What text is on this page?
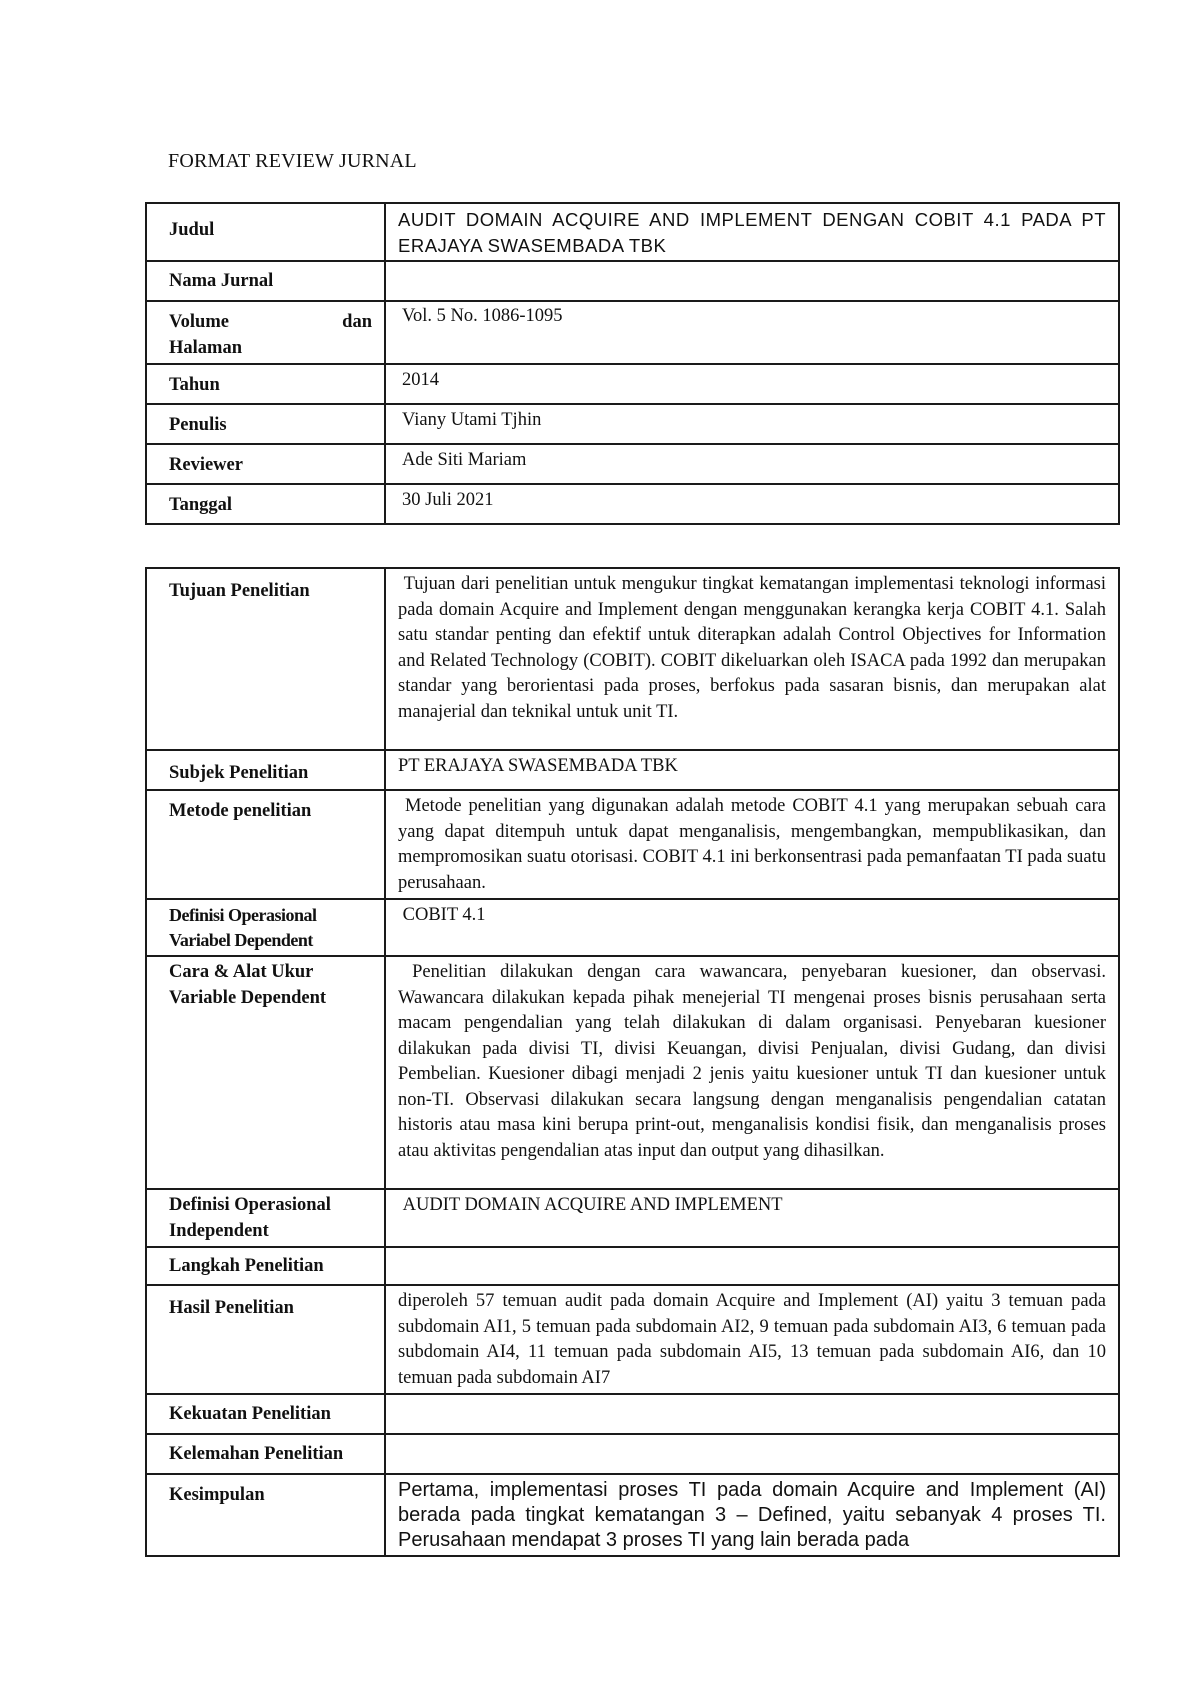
FORMAT REVIEW JURNAL
Judul	AUDIT DOMAIN ACQUIRE AND IMPLEMENT DENGAN COBIT 4.1 PADA PT ERAJAYA SWASEMBADA TBK
Nama Jurnal	

Volume dan
Halaman	Vol. 5 No. 1086-1095
Tahun	2014
Penulis	Viany Utami Tjhin
Reviewer	Ade Siti Mariam
Tanggal	30 Juli 2021
Tujuan Penelitian	Tujuan dari penelitian untuk mengukur tingkat kematangan implementasi teknologi informasi pada domain Acquire and Implement dengan menggunakan kerangka kerja COBIT 4.1. Salah satu standar penting dan efektif untuk diterapkan adalah Control Objectives for Information and Related Technology (COBIT). COBIT dikeluarkan oleh ISACA pada 1992 dan merupakan standar yang berorientasi pada proses, berfokus pada sasaran bisnis, dan merupakan alat manajerial dan teknikal untuk unit TI.
Subjek Penelitian	PT ERAJAYA SWASEMBADA TBK
Metode penelitian	Metode penelitian yang digunakan adalah metode COBIT 4.1 yang merupakan sebuah cara yang dapat ditempuh untuk dapat menganalisis, mengembangkan, mempublikasikan, dan mempromosikan suatu otorisasi. COBIT 4.1 ini berkonsentrasi pada pemanfaatan TI pada suatu perusahaan.

Definisi Operasional
Variabel Dependent	COBIT 4.1

Cara & Alat Ukur
Variable Dependent	Penelitian dilakukan dengan cara wawancara, penyebaran kuesioner, dan observasi. Wawancara dilakukan kepada pihak menejerial TI mengenai proses bisnis perusahaan serta macam pengendalian yang telah dilakukan di dalam organisasi. Penyebaran kuesioner dilakukan pada divisi TI, divisi Keuangan, divisi Penjualan, divisi Gudang, dan divisi Pembelian. Kuesioner dibagi menjadi 2 jenis yaitu kuesioner untuk TI dan kuesioner untuk non-TI. Observasi dilakukan secara langsung dengan menganalisis pengendalian catatan historis atau masa kini berupa print-out, menganalisis kondisi fisik, dan menganalisis proses atau aktivitas pengendalian atas input dan output yang dihasilkan.

Definisi Operasional
Independent	AUDIT DOMAIN ACQUIRE AND IMPLEMENT
Langkah Penelitian	
Hasil Penelitian	diperoleh 57 temuan audit pada domain Acquire and Implement (AI) yaitu 3 temuan pada subdomain AI1, 5 temuan pada subdomain AI2, 9 temuan pada subdomain AI3, 6 temuan pada subdomain AI4, 11 temuan pada subdomain AI5, 13 temuan pada subdomain AI6, dan 10 temuan pada subdomain AI7
Kekuatan Penelitian	
Kelemahan Penelitian	
Kesimpulan	Pertama, implementasi proses TI pada domain Acquire and Implement (AI) berada pada tingkat kematangan 3 – Defined, yaitu sebanyak 4 proses TI. Perusahaan mendapat 3 proses TI yang lain berada pada
